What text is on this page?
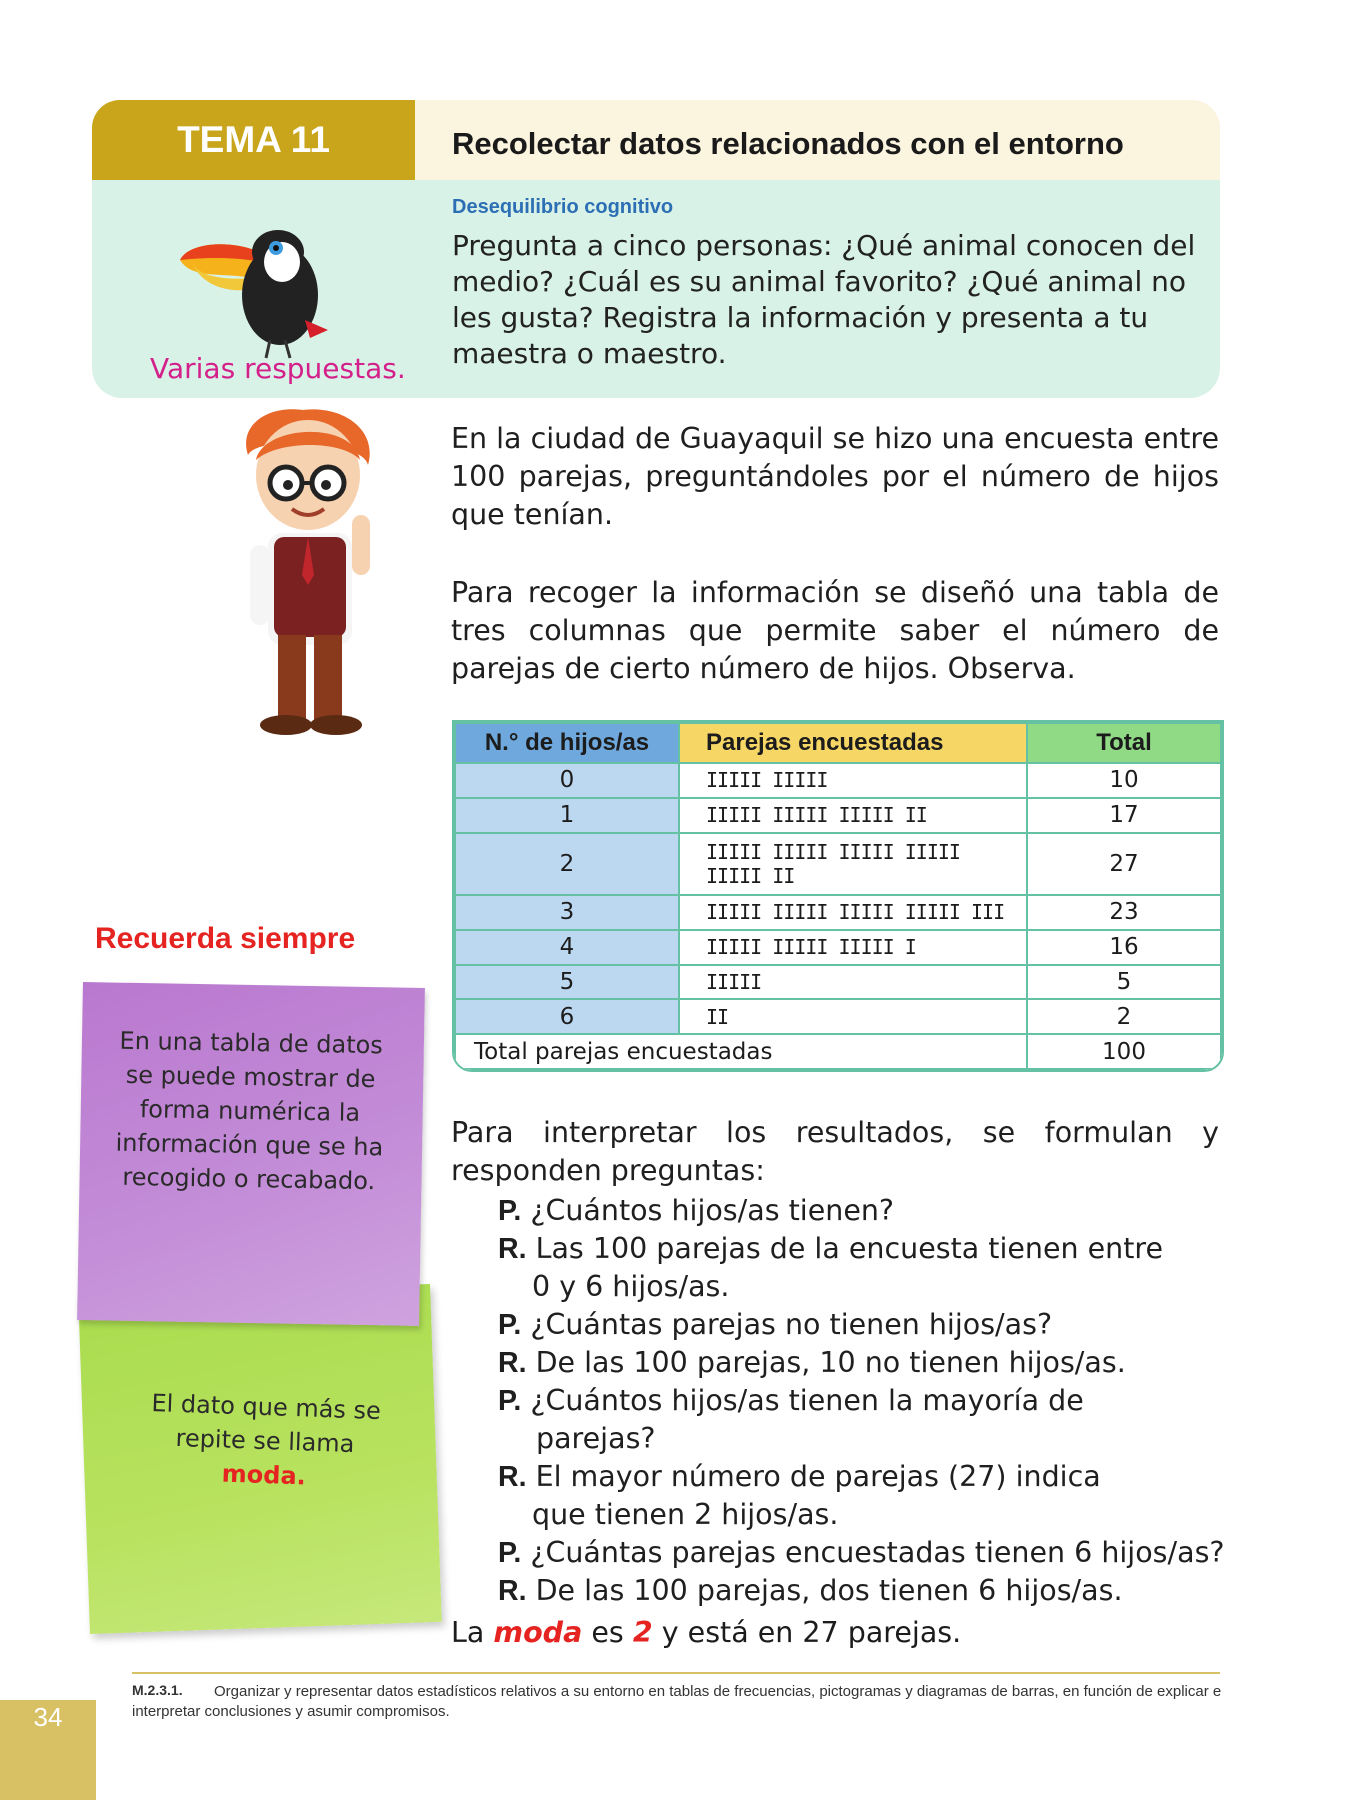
TEMA 11	Recolectar datos relacionados con el entorno
Varias respuestas.
Desequilibrio cognitivo
Pregunta a cinco personas: ¿Qué animal conocen del medio? ¿Cuál es su animal favorito? ¿Qué animal no les gusta? Registra la información y presenta a tu maestra o maestro.
En la ciudad de Guayaquil se hizo una encuesta entre 100 parejas, preguntándoles por el número de hijos que tenían.
Para recoger la información se diseñó una tabla de tres columnas que permite saber el número de parejas de cierto número de hijos. Observa.
N.° de hijos/as	Parejas encuestadas	Total
0	IIIII IIIII	10
1	IIIII IIIII IIIII II	17
2	IIIII IIIII IIIII IIIII IIIII II	27
3	IIIII IIIII IIIII IIIII III	23
4	IIIII IIIII IIIII I	16
5	IIIII	5
6	II	2
Total parejas encuestadas		100
Recuerda siempre
En una tabla de datos se puede mostrar de forma numérica la información que se ha recogido o recabado.
El dato que más se repite se llama
moda.
Para interpretar los resultados, se formulan y responden preguntas:
P. ¿Cuántos hijos/as tienen?
R. Las 100 parejas de la encuesta tienen entre
0 y 6 hijos/as.
P. ¿Cuántas parejas no tienen hijos/as?
R. De las 100 parejas, 10 no tienen hijos/as.
P. ¿Cuántos hijos/as tienen la mayoría de
parejas?
R. El mayor número de parejas (27) indica
que tienen 2 hijos/as.
P. ¿Cuántas parejas encuestadas tienen 6 hijos/as?
R. De las 100 parejas, dos tienen 6 hijos/as.
La moda es 2 y está en 27 parejas.
Organizar y representar datos estadísticos relativos a su entorno en tablas de frecuencias, pictogramas y diagramas de barras, en función de explicar e interpretar conclusiones y asumir compromisos.
M.2.3.1.
34
